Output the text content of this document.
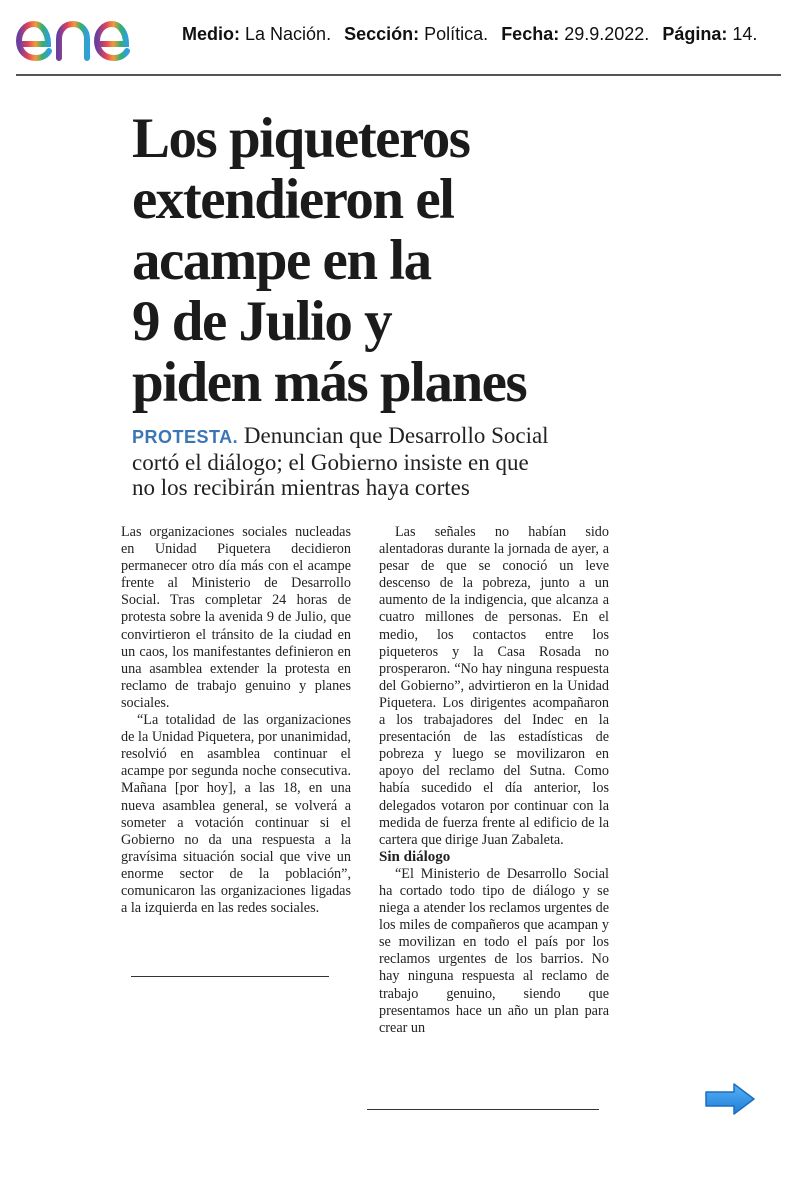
Medio: La Nación. Sección: Política. Fecha: 29.9.2022. Página: 14.
Los piqueteros
extendieron el
acampe en la
9 de Julio y
piden más planes
PROTESTA. Denuncian que Desarrollo Social
cortó el diálogo; el Gobierno insiste en que
no los recibirán mientras haya cortes

Las organizaciones sociales nucleadas en Unidad Piquetera decidieron permanecer otro día más con el acampe frente al Ministerio de Desarrollo Social. Tras completar 24 horas de protesta sobre la avenida 9 de Julio, que convirtieron el tránsito de la ciudad en un caos, los manifestantes definieron en una asamblea extender la protesta en reclamo de trabajo genuino y planes sociales.

“La totalidad de las organizaciones de la Unidad Piquetera, por unanimidad, resolvió en asamblea continuar el acampe por segunda noche consecutiva. Mañana [por hoy], a las 18, en una nueva asamblea general, se volverá a someter a votación continuar si el Gobierno no da una respuesta a la gravísima situación social que vive un enorme sector de la población”, comunicaron las organizaciones ligadas a la izquierda en las redes sociales.

Las señales no habían sido alentadoras durante la jornada de ayer, a pesar de que se conoció un leve descenso de la pobreza, junto a un aumento de la indigencia, que alcanza a cuatro millones de personas. En el medio, los contactos entre los piqueteros y la Casa Rosada no prosperaron. “No hay ninguna respuesta del Gobierno”, advirtieron en la Unidad Piquetera. Los dirigentes acompañaron a los trabajadores del Indec en la presentación de las estadísticas de pobreza y luego se movilizaron en apoyo del reclamo del Sutna. Como había sucedido el día anterior, los delegados votaron por continuar con la medida de fuerza frente al edificio de la cartera que dirige Juan Zabaleta.

Sin diálogo

“El Ministerio de Desarrollo Social ha cortado todo tipo de diálogo y se niega a atender los reclamos urgentes de los miles de compañeros que acampan y se movilizan en todo el país por los reclamos urgentes de los barrios. No hay ninguna respuesta al reclamo de trabajo genuino, siendo que presentamos hace un año un plan para crear un
